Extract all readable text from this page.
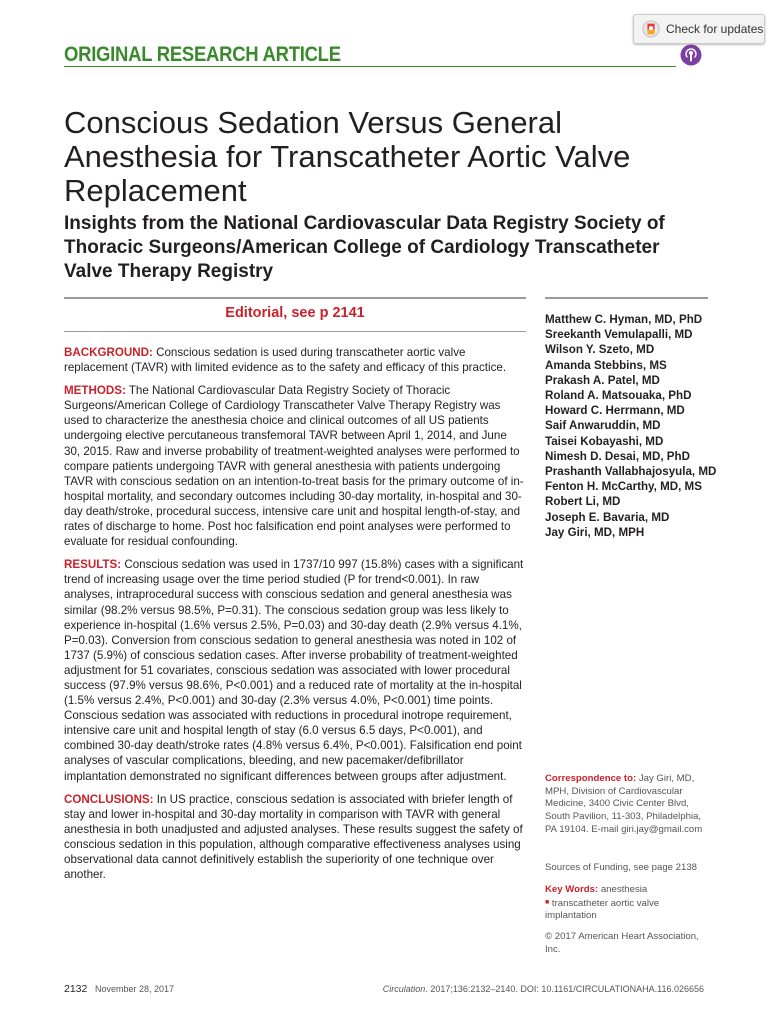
ORIGINAL RESEARCH ARTICLE
Check for updates
Conscious Sedation Versus General Anesthesia for Transcatheter Aortic Valve Replacement
Insights from the National Cardiovascular Data Registry Society of Thoracic Surgeons/American College of Cardiology Transcatheter Valve Therapy Registry
Editorial, see p 2141

BACKGROUND: Conscious sedation is used during transcatheter aortic valve replacement (TAVR) with limited evidence as to the safety and efficacy of this practice.

METHODS: The National Cardiovascular Data Registry Society of Thoracic Surgeons/American College of Cardiology Transcatheter Valve Therapy Registry was used to characterize the anesthesia choice and clinical outcomes of all US patients undergoing elective percutaneous transfemoral TAVR between April 1, 2014, and June 30, 2015. Raw and inverse probability of treatment-weighted analyses were performed to compare patients undergoing TAVR with general anesthesia with patients undergoing TAVR with conscious sedation on an intention-to-treat basis for the primary outcome of in-hospital mortality, and secondary outcomes including 30-day mortality, in-hospital and 30-day death/stroke, procedural success, intensive care unit and hospital length-of-stay, and rates of discharge to home. Post hoc falsification end point analyses were performed to evaluate for residual confounding.

RESULTS: Conscious sedation was used in 1737/10 997 (15.8%) cases with a significant trend of increasing usage over the time period studied (P for trend<0.001). In raw analyses, intraprocedural success with conscious sedation and general anesthesia was similar (98.2% versus 98.5%, P=0.31). The conscious sedation group was less likely to experience in-hospital (1.6% versus 2.5%, P=0.03) and 30-day death (2.9% versus 4.1%, P=0.03). Conversion from conscious sedation to general anesthesia was noted in 102 of 1737 (5.9%) of conscious sedation cases. After inverse probability of treatment-weighted adjustment for 51 covariates, conscious sedation was associated with lower procedural success (97.9% versus 98.6%, P<0.001) and a reduced rate of mortality at the in-hospital (1.5% versus 2.4%, P<0.001) and 30-day (2.3% versus 4.0%, P<0.001) time points. Conscious sedation was associated with reductions in procedural inotrope requirement, intensive care unit and hospital length of stay (6.0 versus 6.5 days, P<0.001), and combined 30-day death/stroke rates (4.8% versus 6.4%, P<0.001). Falsification end point analyses of vascular complications, bleeding, and new pacemaker/defibrillator implantation demonstrated no significant differences between groups after adjustment.

CONCLUSIONS: In US practice, conscious sedation is associated with briefer length of stay and lower in-hospital and 30-day mortality in comparison with TAVR with general anesthesia in both unadjusted and adjusted analyses. These results suggest the safety of conscious sedation in this population, although comparative effectiveness analyses using observational data cannot definitively establish the superiority of one technique over another.

Matthew C. Hyman, MD, PhD
Sreekanth Vemulapalli, MD
Wilson Y. Szeto, MD
Amanda Stebbins, MS
Prakash A. Patel, MD
Roland A. Matsouaka, PhD
Howard C. Herrmann, MD
Saif Anwaruddin, MD
Taisei Kobayashi, MD
Nimesh D. Desai, MD, PhD
Prashanth Vallabhajosyula, MD
Fenton H. McCarthy, MD, MS
Robert Li, MD
Joseph E. Bavaria, MD
Jay Giri, MD, MPH
Correspondence to: Jay Giri, MD, MPH, Division of Cardiovascular Medicine, 3400 Civic Center Blvd, South Pavilion, 11-303, Philadelphia, PA 19104. E-mail giri.jay@gmail.com
Sources of Funding, see page 2138
Key Words: anesthesia
■ transcatheter aortic valve implantation
© 2017 American Heart Association, Inc.
2132 November 28, 2017	Circulation. 2017;136:2132–2140. DOI: 10.1161/CIRCULATIONAHA.116.026656
